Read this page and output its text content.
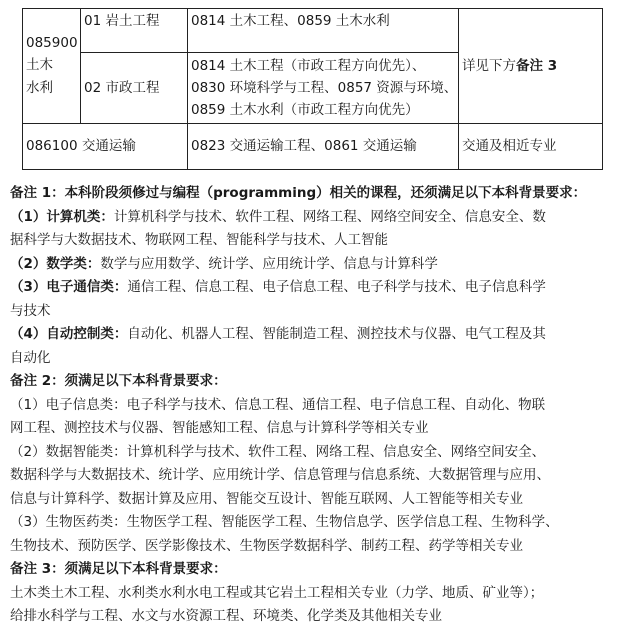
085900
土木
水利	01 岩土工程	0814 土木工程、0859 土木水利	详见下方备注 3
	02 市政工程	0814 土木工程（市政工程方向优先）、
0830 环境科学与工程、0857 资源与环境、
0859 土木水利（市政工程方向优先）	

086100 交通运输		0823 交通运输工程、0861 交通运输	交通及相近专业

备注 1：本科阶段须修过与编程（programming）相关的课程，还须满足以下本科背景要求：

（1）计算机类：计算机科学与技术、软件工程、网络工程、网络空间安全、信息安全、数

据科学与大数据技术、物联网工程、智能科学与技术、人工智能

（2）数学类：数学与应用数学、统计学、应用统计学、信息与计算科学

（3）电子通信类：通信工程、信息工程、电子信息工程、电子科学与技术、电子信息科学

与技术

（4）自动控制类：自动化、机器人工程、智能制造工程、测控技术与仪器、电气工程及其

自动化

备注 2：须满足以下本科背景要求：

（1）电子信息类：电子科学与技术、信息工程、通信工程、电子信息工程、自动化、物联

网工程、测控技术与仪器、智能感知工程、信息与计算科学等相关专业

（2）数据智能类：计算机科学与技术、软件工程、网络工程、信息安全、网络空间安全、

数据科学与大数据技术、统计学、应用统计学、信息管理与信息系统、大数据管理与应用、

信息与计算科学、数据计算及应用、智能交互设计、智能互联网、人工智能等相关专业

（3）生物医药类：生物医学工程、智能医学工程、生物信息学、医学信息工程、生物科学、

生物技术、预防医学、医学影像技术、生物医学数据科学、制药工程、药学等相关专业

备注 3：须满足以下本科背景要求：

土木类土木工程、水利类水利水电工程或其它岩土工程相关专业（力学、地质、矿业等）；

给排水科学与工程、水文与水资源工程、环境类、化学类及其他相关专业
